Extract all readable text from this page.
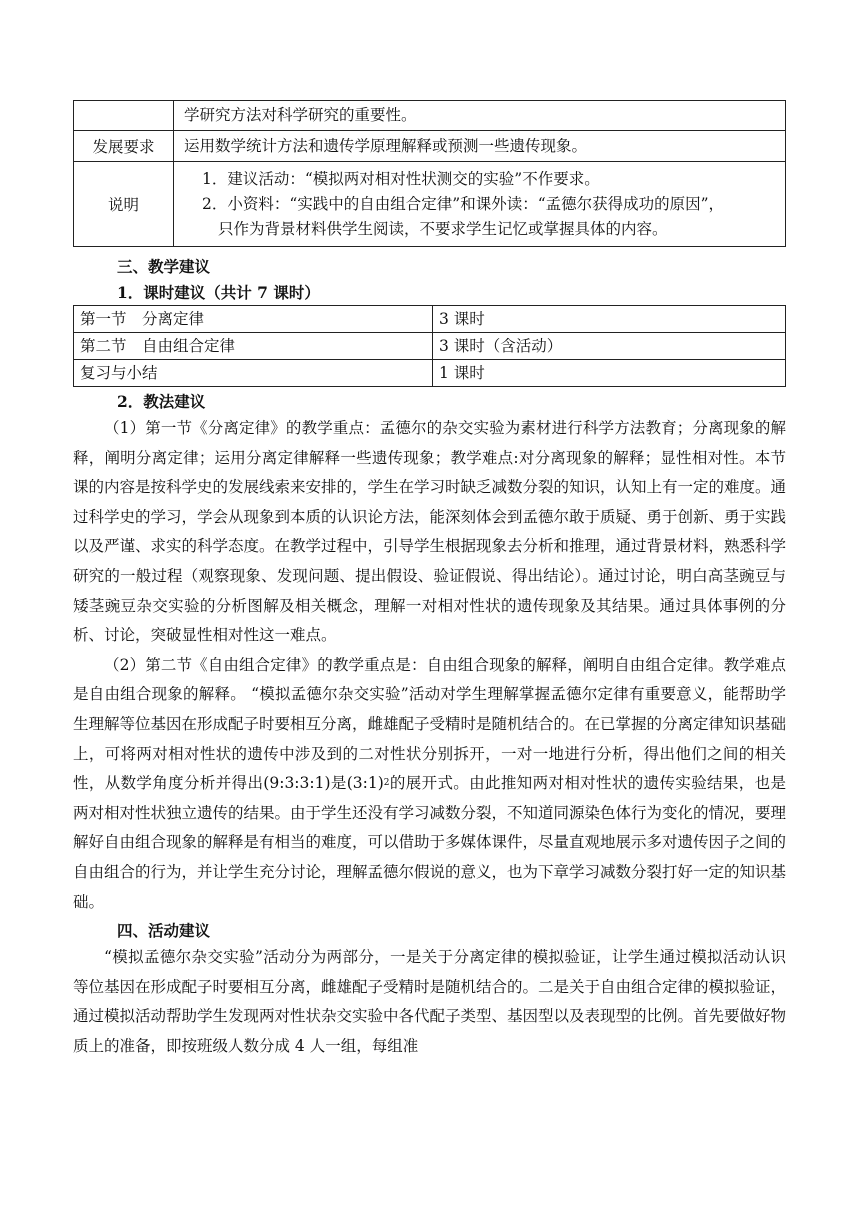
	学研究方法对科学研究的重要性。
发展要求	运用数学统计方法和遗传学原理解释或预测一些遗传现象。
说明	1．建议活动：“模拟两对相对性状测交的实验”不作要求。
2．小资料：“实践中的自由组合定律”和课外读：“孟德尔获得成功的原因”，
只作为背景材料供学生阅读，不要求学生记忆或掌握具体的内容。
三、教学建议
1．课时建议（共计 7 课时）
第一节　分离定律	3 课时
第二节　自由组合定律	3 课时（含活动）
复习与小结	1 课时
2．教法建议

（1）第一节《分离定律》的教学重点：孟德尔的杂交实验为素材进行科学方法教育；分离现象的解释，阐明分离定律；运用分离定律解释一些遗传现象；教学难点:对分离现象的解释；显性相对性。本节课的内容是按科学史的发展线索来安排的，学生在学习时缺乏减数分裂的知识，认知上有一定的难度。通过科学史的学习，学会从现象到本质的认识论方法，能深刻体会到孟德尔敢于质疑、勇于创新、勇于实践以及严谨、求实的科学态度。在教学过程中，引导学生根据现象去分析和推理，通过背景材料，熟悉科学研究的一般过程（观察现象、发现问题、提出假设、验证假说、得出结论）。通过讨论，明白高茎豌豆与矮茎豌豆杂交实验的分析图解及相关概念，理解一对相对性状的遗传现象及其结果。通过具体事例的分析、讨论，突破显性相对性这一难点。

（2）第二节《自由组合定律》的教学重点是：自由组合现象的解释，阐明自由组合定律。教学难点是自由组合现象的解释。 “模拟孟德尔杂交实验”活动对学生理解掌握孟德尔定律有重要意义，能帮助学生理解等位基因在形成配子时要相互分离，雌雄配子受精时是随机结合的。在已掌握的分离定律知识基础上，可将两对相对性状的遗传中涉及到的二对性状分别拆开，一对一地进行分析，得出他们之间的相关性，从数学角度分析并得出(9:3:3:1)是(3:1)$^2$的展开式。由此推知两对相对性状的遗传实验结果，也是两对相对性状独立遗传的结果。由于学生还没有学习减数分裂，不知道同源染色体行为变化的情况，要理解好自由组合现象的解释是有相当的难度，可以借助于多媒体课件，尽量直观地展示多对遗传因子之间的自由组合的行为，并让学生充分讨论，理解孟德尔假说的意义，也为下章学习减数分裂打好一定的知识基础。

四、活动建议

“模拟孟德尔杂交实验”活动分为两部分，一是关于分离定律的模拟验证，让学生通过模拟活动认识等位基因在形成配子时要相互分离，雌雄配子受精时是随机结合的。二是关于自由组合定律的模拟验证，通过模拟活动帮助学生发现两对性状杂交实验中各代配子类型、基因型以及表现型的比例。首先要做好物质上的准备，即按班级人数分成 4 人一组，每组准
